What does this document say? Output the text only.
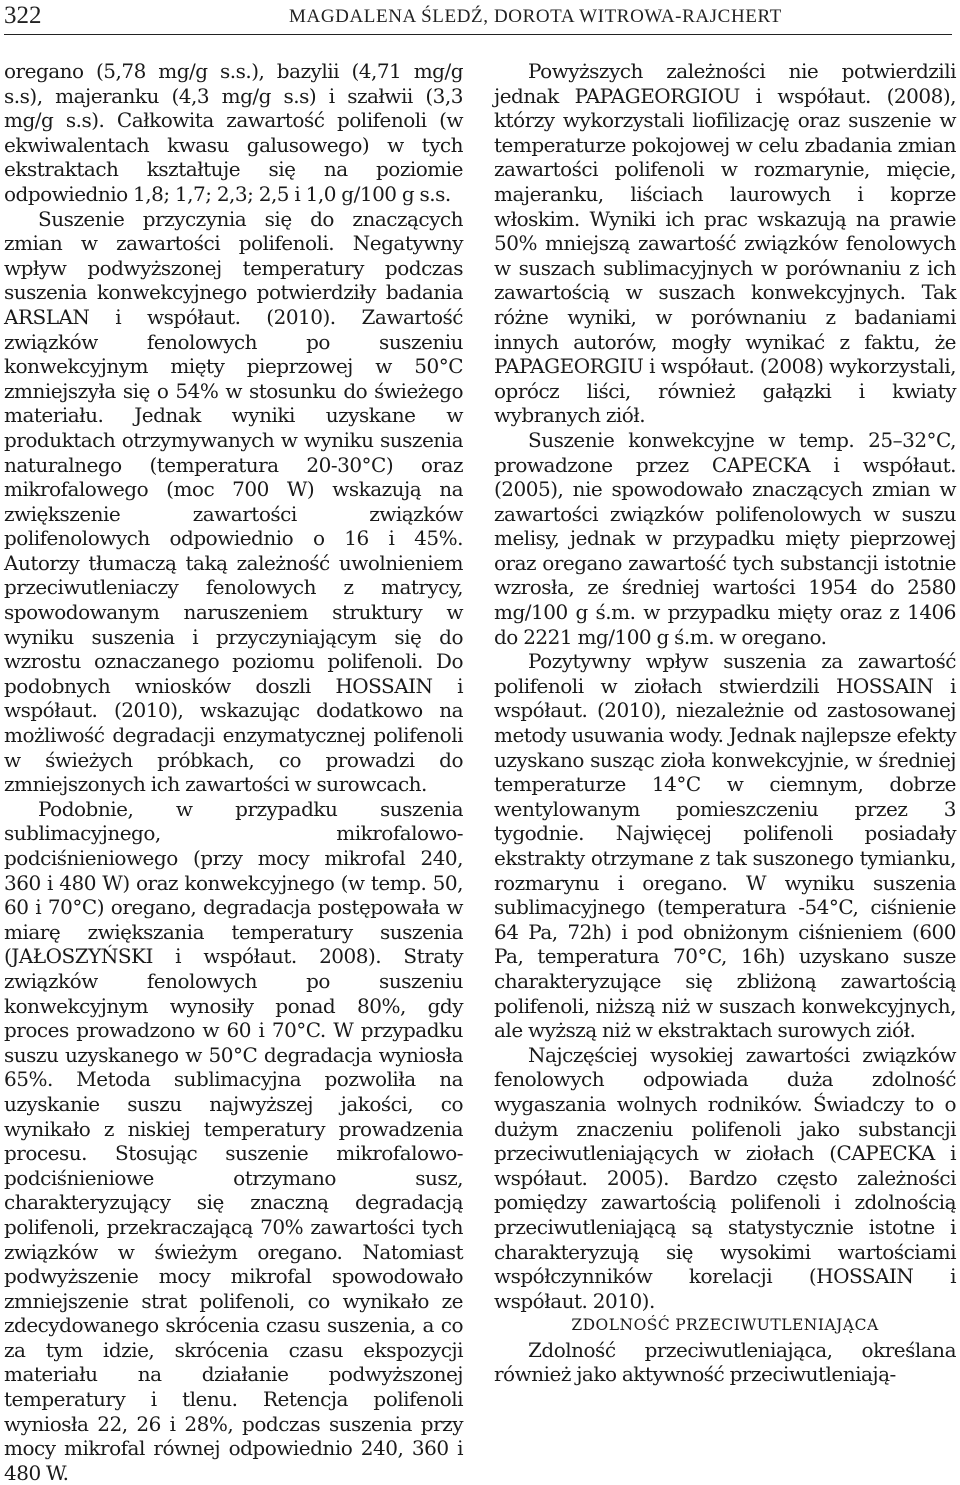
322	MAGDALENA ŚLEDŹ, DOROTA WITROWA-RAJCHERT

oregano (5,78 mg/g s.s.), bazylii (4,71 mg/g s.s), majeranku (4,3 mg/g s.s) i szałwii (3,3 mg/g s.s). Całkowita zawartość polifenoli (w ekwiwalentach kwasu galusowego) w tych ekstraktach kształtuje się na poziomie odpowiednio 1,8; 1,7; 2,3; 2,5 i 1,0 g/100 g s.s.

Suszenie przyczynia się do znaczących zmian w zawartości polifenoli. Negatywny wpływ podwyższonej temperatury podczas suszenia konwekcyjnego potwierdziły badania ARSLAN i współaut. (2010). Zawartość związków fenolowych po suszeniu konwekcyjnym mięty pieprzowej w 50°C zmniejszyła się o 54% w stosunku do świeżego materiału. Jednak wyniki uzyskane w produktach otrzymywanych w wyniku suszenia naturalnego (temperatura 20-30°C) oraz mikrofalowego (moc 700 W) wskazują na zwiększenie zawartości związków polifenolowych odpowiednio o 16 i 45%. Autorzy tłumaczą taką zależność uwolnieniem przeciwutleniaczy fenolowych z matrycy, spowodowanym naruszeniem struktury w wyniku suszenia i przyczyniającym się do wzrostu oznaczanego poziomu polifenoli. Do podobnych wniosków doszli HOSSAIN i współaut. (2010), wskazując dodatkowo na możliwość degradacji enzymatycznej polifenoli w świeżych próbkach, co prowadzi do zmniejszonych ich zawartości w surowcach.

Podobnie, w przypadku suszenia sublimacyjnego, mikrofalowo-podciśnieniowego (przy mocy mikrofal 240, 360 i 480 W) oraz konwekcyjnego (w temp. 50, 60 i 70°C) oregano, degradacja postępowała w miarę zwiększania temperatury suszenia (JAŁOSZYŃSKI i współaut. 2008). Straty związków fenolowych po suszeniu konwekcyjnym wynosiły ponad 80%, gdy proces prowadzono w 60 i 70°C. W przypadku suszu uzyskanego w 50°C degradacja wyniosła 65%. Metoda sublimacyjna pozwoliła na uzyskanie suszu najwyższej jakości, co wynikało z niskiej temperatury prowadzenia procesu. Stosując suszenie mikrofalowo-podciśnieniowe otrzymano susz, charakteryzujący się znaczną degradacją polifenoli, przekraczającą 70% zawartości tych związków w świeżym oregano. Natomiast podwyższenie mocy mikrofal spowodowało zmniejszenie strat polifenoli, co wynikało ze zdecydowanego skrócenia czasu suszenia, a co za tym idzie, skrócenia czasu ekspozycji materiału na działanie podwyższonej temperatury i tlenu. Retencja polifenoli wyniosła 22, 26 i 28%, podczas suszenia przy mocy mikrofal równej odpowiednio 240, 360 i 480 W.

Powyższych zależności nie potwierdzili jednak PAPAGEORGIOU i współaut. (2008), którzy wykorzystali liofilizację oraz suszenie w temperaturze pokojowej w celu zbadania zmian zawartości polifenoli w rozmarynie, mięcie, majeranku, liściach laurowych i koprze włoskim. Wyniki ich prac wskazują na prawie 50% mniejszą zawartość związków fenolowych w suszach sublimacyjnych w porównaniu z ich zawartością w suszach konwekcyjnych. Tak różne wyniki, w porównaniu z badaniami innych autorów, mogły wynikać z faktu, że PAPAGEORGIU i współaut. (2008) wykorzystali, oprócz liści, również gałązki i kwiaty wybranych ziół.

Suszenie konwekcyjne w temp. 25–32°C, prowadzone przez CAPECKA i współaut. (2005), nie spowodowało znaczących zmian w zawartości związków polifenolowych w suszu melisy, jednak w przypadku mięty pieprzowej oraz oregano zawartość tych substancji istotnie wzrosła, ze średniej wartości 1954 do 2580 mg/100 g ś.m. w przypadku mięty oraz z 1406 do 2221 mg/100 g ś.m. w oregano.

Pozytywny wpływ suszenia za zawartość polifenoli w ziołach stwierdzili HOSSAIN i współaut. (2010), niezależnie od zastosowanej metody usuwania wody. Jednak najlepsze efekty uzyskano susząc zioła konwekcyjnie, w średniej temperaturze 14°C w ciemnym, dobrze wentylowanym pomieszczeniu przez 3 tygodnie. Najwięcej polifenoli posiadały ekstrakty otrzymane z tak suszonego tymianku, rozmarynu i oregano. W wyniku suszenia sublimacyjnego (temperatura -54°C, ciśnienie 64 Pa, 72h) i pod obniżonym ciśnieniem (600 Pa, temperatura 70°C, 16h) uzyskano susze charakteryzujące się zbliżoną zawartością polifenoli, niższą niż w suszach konwekcyjnych, ale wyższą niż w ekstraktach surowych ziół.

Najczęściej wysokiej zawartości związków fenolowych odpowiada duża zdolność wygaszania wolnych rodników. Świadczy to o dużym znaczeniu polifenoli jako substancji przeciwutleniających w ziołach (CAPECKA i współaut. 2005). Bardzo często zależności pomiędzy zawartością polifenoli i zdolnością przeciwutleniającą są statystycznie istotne i charakteryzują się wysokimi wartościami współczynników korelacji (HOSSAIN i współaut. 2010).

ZDOLNOŚĆ PRZECIWUTLENIAJĄCA

Zdolność przeciwutleniająca, określana również jako aktywność przeciwutleniają-
